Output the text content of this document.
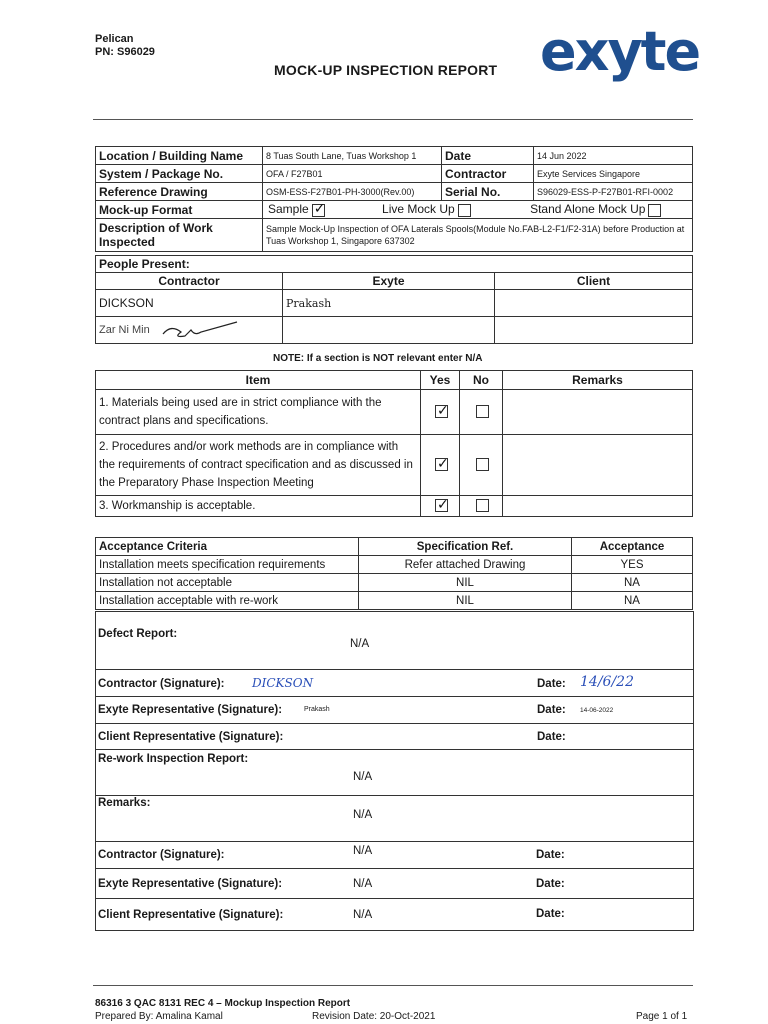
Pelican
PN: S96029
MOCK-UP INSPECTION REPORT exyte
Location / Building Name	8 Tuas South Lane, Tuas Workshop 1	Date	14 Jun 2022
System / Package No.	OFA / F27B01	Contractor	Exyte Services Singapore
Reference Drawing	OSM-ESS-F27B01-PH-3000(Rev.00)	Serial No.	S96029-ESS-P-F27B01-RFI-0002
Mock-up Format	Sample ✓ Live Mock Up Stand Alone Mock Up
Description of Work Inspected	Sample Mock-Up Inspection of OFA Laterals Spools(Module No.FAB-L2-F1/F2-31A) before Production at Tuas Workshop 1, Singapore 637302		
People Present:		
Contractor	Exyte	Client
DICKSON	Prakash	
Zar Ni Min		
NOTE: If a section is NOT relevant enter N/A
Item	Yes	No	Remarks
1. Materials being used are in strict compliance with the contract plans and specifications.	✓		
2. Procedures and/or work methods are in compliance with the requirements of contract specification and as discussed in the Preparatory Phase Inspection Meeting	✓		
3. Workmanship is acceptable.	✓		
Acceptance Criteria	Specification Ref.	Acceptance
Installation meets specification requirements	Refer attached Drawing	YES
Installation not acceptable	NIL	NA
Installation acceptable with re-work	NIL	NA
Defect Report:
N/A
Contractor (Signature): DICKSON	Date: 14/6/22
Exyte Representative (Signature):	Prakash	Date: 14-06-2022
Client Representative (Signature):	Date:
Re-work Inspection Report:
N/A
Remarks:
N/A
Contractor (Signature):	N/A	Date:
Exyte Representative (Signature):	N/A	Date:
Client Representative (Signature):	N/A	Date:
86316 3 QAC 8131 REC 4 – Mockup Inspection Report
Prepared By: Amalina Kamal	Revision Date: 20-Oct-2021	Page 1 of 1
